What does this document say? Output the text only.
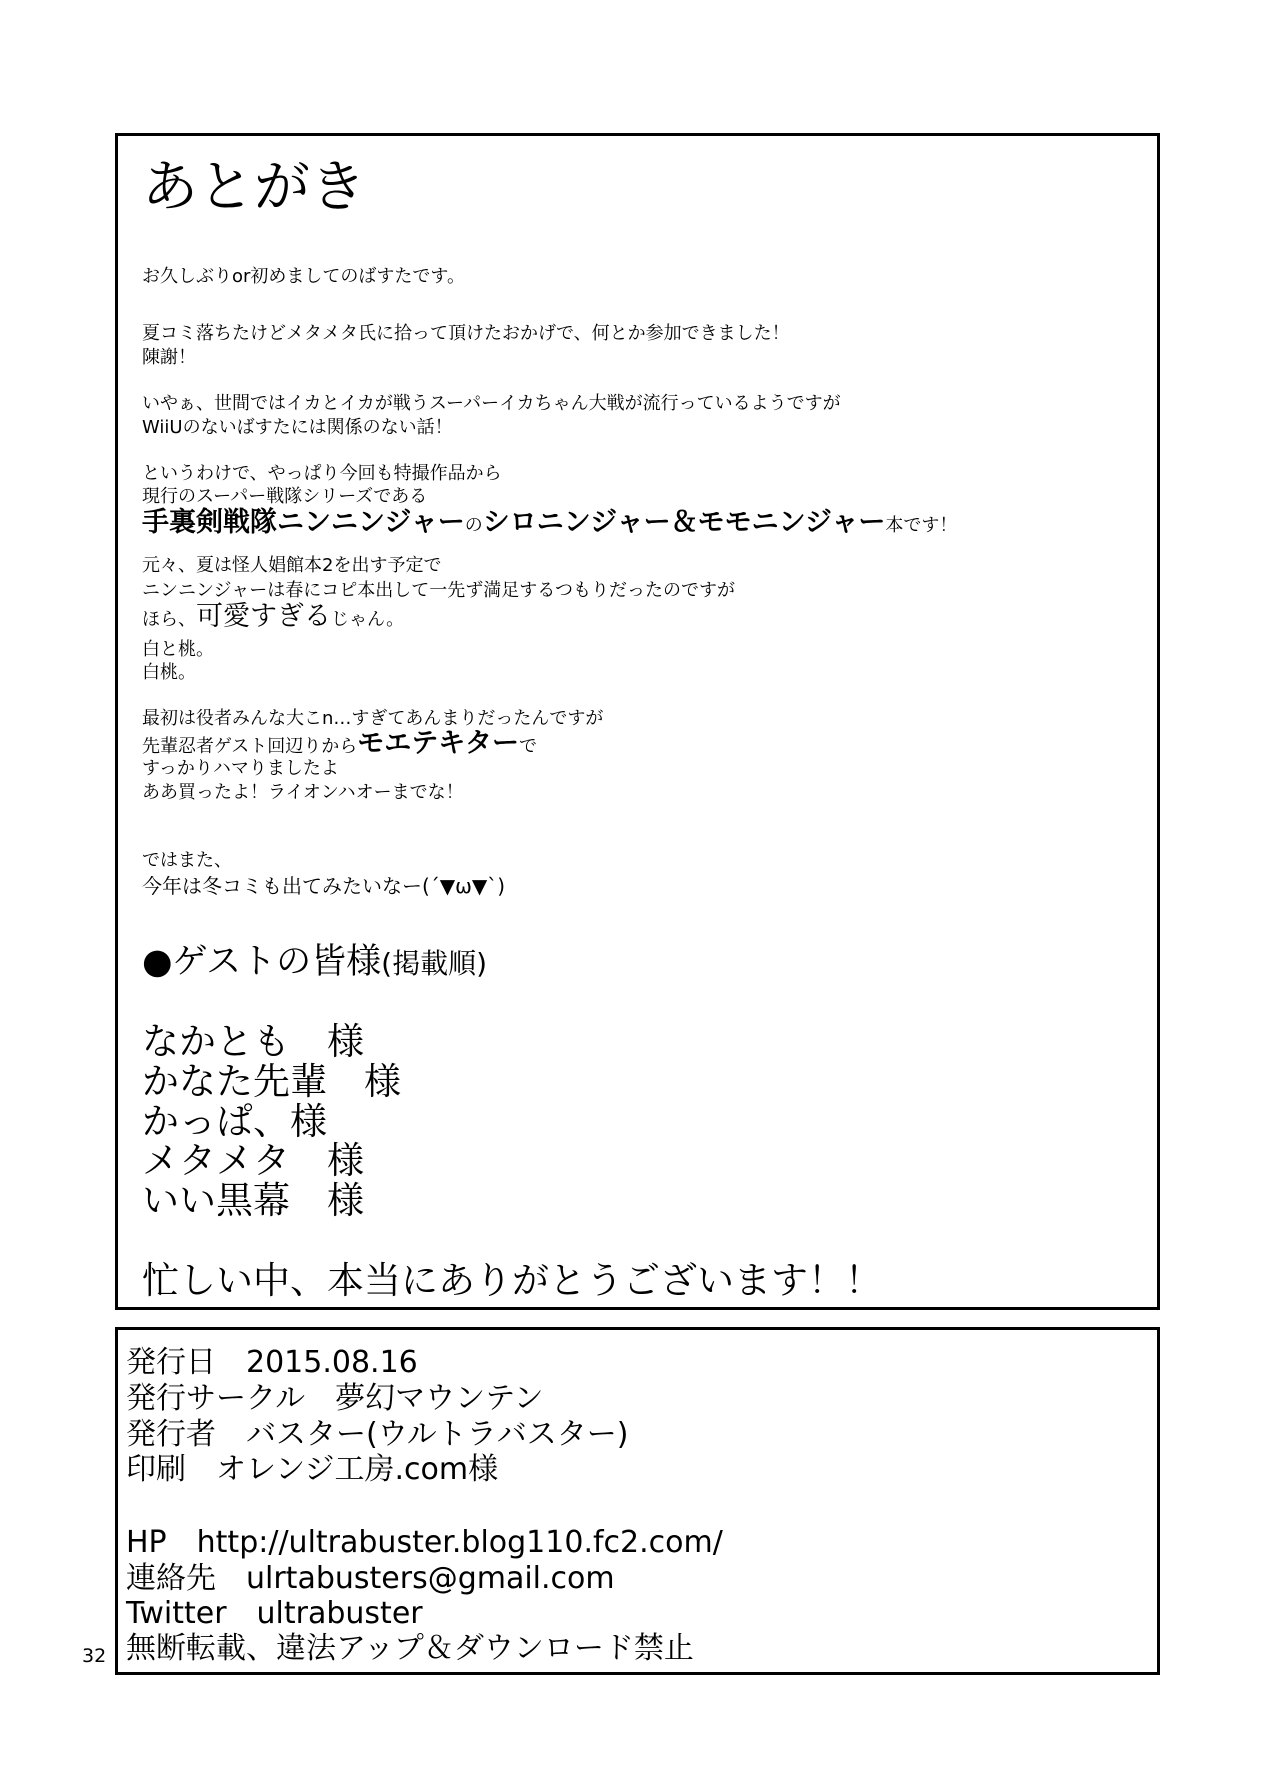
あとがき
お久しぶりor初めましてのばすたです。
夏コミ落ちたけどメタメタ氏に拾って頂けたおかげで、何とか参加できました！
陳謝！
いやぁ、世間ではイカとイカが戦うスーパーイカちゃん大戦が流行っているようですが
WiiUのないばすたには関係のない話！
というわけで、やっぱり今回も特撮作品から
現行のスーパー戦隊シリーズである
手裏剣戦隊ニンニンジャーのシロニンジャー＆モモニンジャー本です！
元々、夏は怪人娼館本2を出す予定で
ニンニンジャーは春にコピ本出して一先ず満足するつもりだったのですが
ほら、可愛すぎるじゃん。
白と桃。
白桃。
最初は役者みんな大こn…すぎてあんまりだったんですが
先輩忍者ゲスト回辺りからモエテキターで
すっかりハマりましたよ
ああ買ったよ！ライオンハオーまでな！
ではまた、
今年は冬コミも出てみたいなー(´▼ω▼`)
●ゲストの皆様(掲載順)
なかとも　様
かなた先輩　様
かっぱ、様
メタメタ　様
いい黒幕　様
忙しい中、本当にありがとうございます！！
発行日　2015.08.16
発行サークル　夢幻マウンテン
発行者　バスター(ウルトラバスター)
印刷　オレンジ工房.com様
HP　http://ultrabuster.blog110.fc2.com/
連絡先　ulrtabusters@gmail.com
Twitter　ultrabuster
無断転載、違法アップ＆ダウンロード禁止
32
